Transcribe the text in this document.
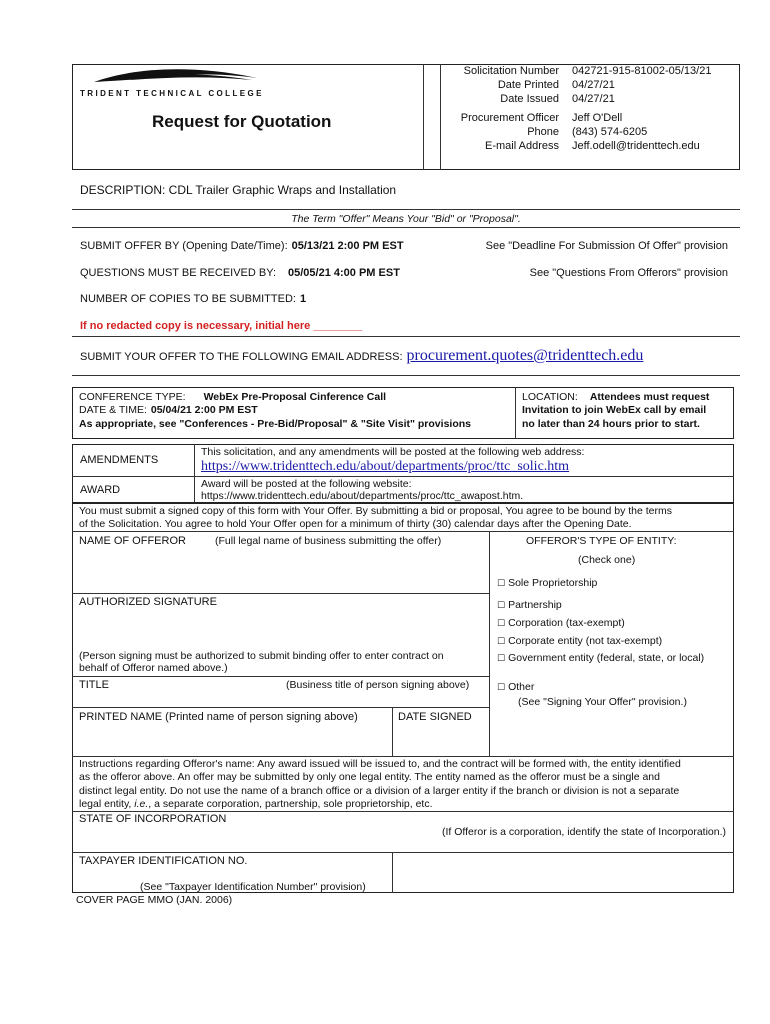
TRIDENT TECHNICAL COLLEGE
Request for Quotation
Solicitation Number 042721-915-81002-05/13/21
Date Printed 04/27/21
Date Issued 04/27/21
Procurement Officer Jeff O'Dell
Phone (843) 574-6205
E-mail Address Jeff.odell@tridenttech.edu
DESCRIPTION: CDL Trailer Graphic Wraps and Installation
The Term "Offer" Means Your "Bid" or "Proposal".
SUBMIT OFFER BY (Opening Date/Time): 05/13/21 2:00 PM EST	See "Deadline For Submission Of Offer" provision
QUESTIONS MUST BE RECEIVED BY: 05/05/21 4:00 PM EST	See "Questions From Offerors" provision
NUMBER OF COPIES TO BE SUBMITTED: 1
If no redacted copy is necessary, initial here ________
SUBMIT YOUR OFFER TO THE FOLLOWING EMAIL ADDRESS: procurement.quotes@tridenttech.edu
CONFERENCE TYPE: WebEx Pre-Proposal Cinference Call
DATE & TIME: 05/04/21 2:00 PM EST
As appropriate, see "Conferences - Pre-Bid/Proposal" & "Site Visit" provisions
LOCATION: Attendees must request
Invitation to join WebEx call by email
no later than 24 hours prior to start.
AMENDMENTS
This solicitation, and any amendments will be posted at the following web address:
https://www.tridenttech.edu/about/departments/proc/ttc_solic.htm
AWARD	Award will be posted at the following website:
https://www.tridenttech.edu/about/departments/proc/ttc_awapost.htm.
You must submit a signed copy of this form with Your Offer. By submitting a bid or proposal, You agree to be bound by the terms
of the Solicitation. You agree to hold Your Offer open for a minimum of thirty (30) calendar days after the Opening Date.
NAME OF OFFEROR	(Full legal name of business submitting the offer)
AUTHORIZED SIGNATURE
(Person signing must be authorized to submit binding offer to enter contract on
behalf of Offeror named above.)
TITLE	(Business title of person signing above)
PRINTED NAME (Printed name of person signing above)	DATE SIGNED
OFFEROR'S TYPE OF ENTITY:
(Check one)
☐ Sole Proprietorship
☐ Partnership
☐ Corporation (tax-exempt)
☐ Corporate entity (not tax-exempt)
☐ Government entity (federal, state, or local)
☐ Other
(See "Signing Your Offer" provision.)
Instructions regarding Offeror's name: Any award issued will be issued to, and the contract will be formed with, the entity identified
as the offeror above. An offer may be submitted by only one legal entity. The entity named as the offeror must be a single and
distinct legal entity. Do not use the name of a branch office or a division of a larger entity if the branch or division is not a separate
legal entity, i.e., a separate corporation, partnership, sole proprietorship, etc.
STATE OF INCORPORATION
(If Offeror is a corporation, identify the state of Incorporation.)
TAXPAYER IDENTIFICATION NO.
(See "Taxpayer Identification Number" provision)
COVER PAGE MMO (JAN. 2006)
